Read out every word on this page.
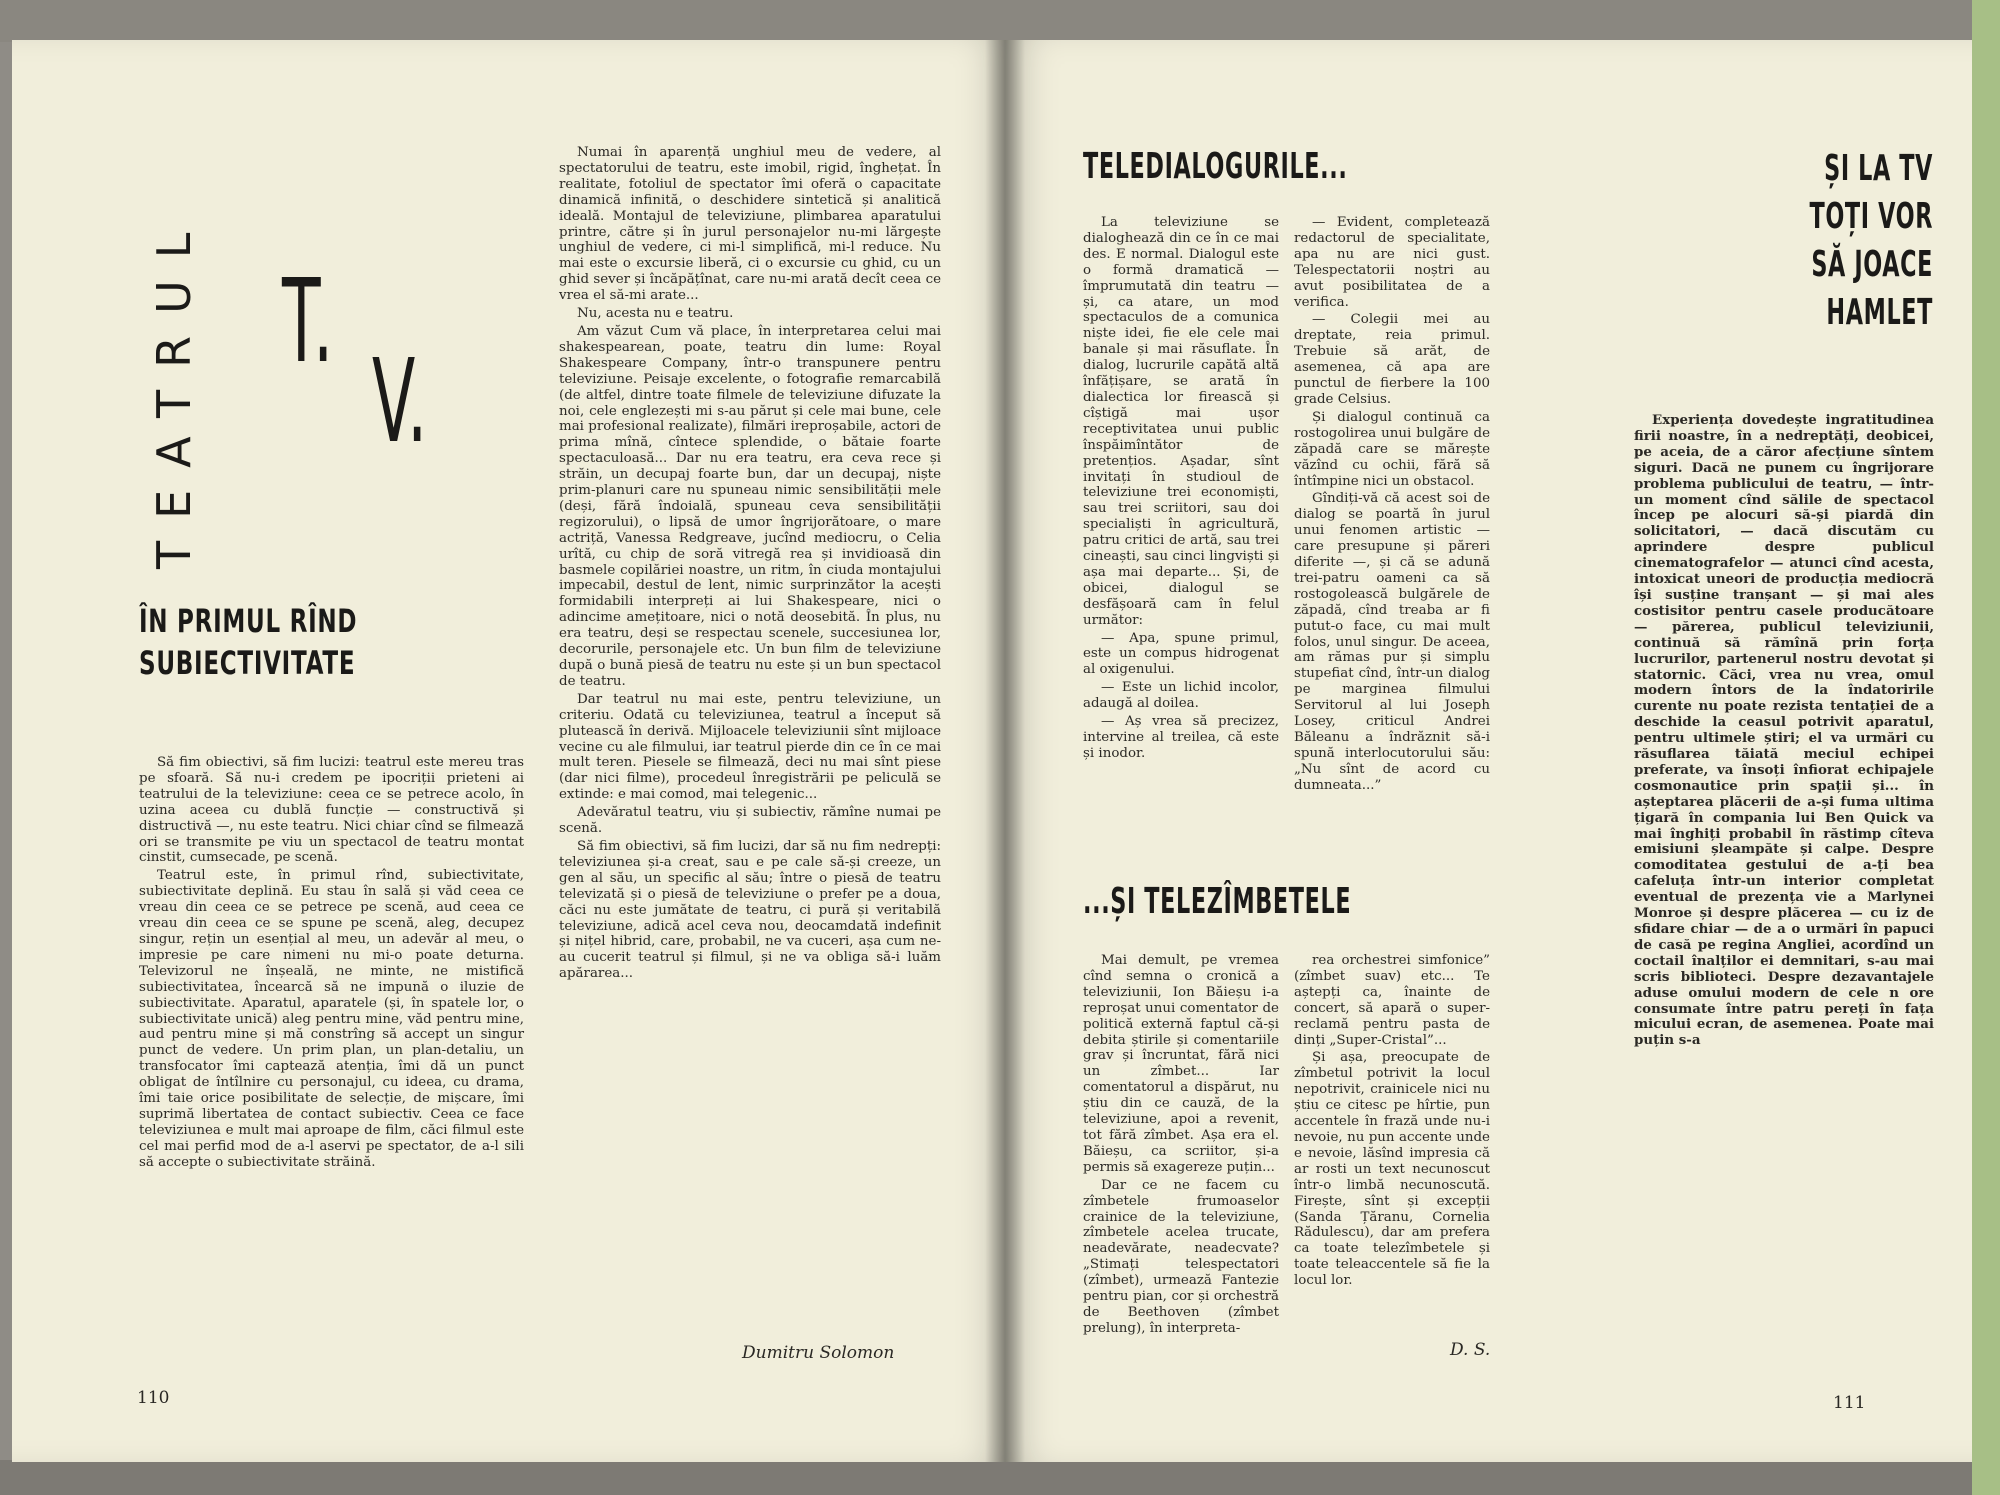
TEATRUL T.
V.
ÎN PRIMUL RÎND
SUBIECTIVITATE

Să fim obiectivi, să fim lucizi: teatrul este mereu tras pe sfoară. Să nu-i credem pe ipocriții prieteni ai teatrului de la televiziune: ceea ce se petrece acolo, în uzina aceea cu dublă funcție — constructivă și distructivă —, nu este teatru. Nici chiar cînd se filmează ori se transmite pe viu un spectacol de teatru montat cinstit, cumsecade, pe scenă.

Teatrul este, în primul rînd, subiectivitate, subiectivitate deplină. Eu stau în sală și văd ceea ce vreau din ceea ce se petrece pe scenă, aud ceea ce vreau din ceea ce se spune pe scenă, aleg, decupez singur, rețin un esențial al meu, un adevăr al meu, o impresie pe care nimeni nu mi-o poate deturna. Televizorul ne înșeală, ne minte, ne mistifică subiectivitatea, încearcă să ne impună o iluzie de subiectivitate. Aparatul, aparatele (și, în spatele lor, o subiectivitate unică) aleg pentru mine, văd pentru mine, aud pentru mine și mă constrîng să accept un singur punct de vedere. Un prim plan, un plan-detaliu, un transfocator îmi captează atenția, îmi dă un punct obligat de întîlnire cu personajul, cu ideea, cu drama, îmi taie orice posibilitate de selecție, de mișcare, îmi suprimă libertatea de contact subiectiv. Ceea ce face televiziunea e mult mai aproape de film, căci filmul este cel mai perfid mod de a-l aservi pe spectator, de a-l sili să accepte o subiectivitate străină.

Numai în aparență unghiul meu de vedere, al spectatorului de teatru, este imobil, rigid, înghețat. În realitate, fotoliul de spectator îmi oferă o capacitate dinamică infinită, o deschidere sintetică și analitică ideală. Montajul de televiziune, plimbarea aparatului printre, către și în jurul personajelor nu-mi lărgește unghiul de vedere, ci mi-l simplifică, mi-l reduce. Nu mai este o excursie liberă, ci o excursie cu ghid, cu un ghid sever și încăpățînat, care nu-mi arată decît ceea ce vrea el să-mi arate...

Nu, acesta nu e teatru.

Am văzut Cum vă place, în interpretarea celui mai shakespearean, poate, teatru din lume: Royal Shakespeare Company, într-o transpunere pentru televiziune. Peisaje excelente, o fotografie remarcabilă (de altfel, dintre toate filmele de televiziune difuzate la noi, cele englezești mi s-au părut și cele mai bune, cele mai profesional realizate), filmări ireproșabile, actori de prima mînă, cîntece splendide, o bătaie foarte spectaculoasă... Dar nu era teatru, era ceva rece și străin, un decupaj foarte bun, dar un decupaj, niște prim-planuri care nu spuneau nimic sensibilității mele (deși, fără îndoială, spuneau ceva sensibilității regizorului), o lipsă de umor îngrijorătoare, o mare actriță, Vanessa Redgreave, jucînd mediocru, o Celia urîtă, cu chip de soră vitregă rea și invidioasă din basmele copilăriei noastre, un ritm, în ciuda montajului impecabil, destul de lent, nimic surprinzător la acești formidabili interpreți ai lui Shakespeare, nici o adincime amețitoare, nici o notă deosebită. În plus, nu era teatru, deși se respectau scenele, succesiunea lor, decorurile, personajele etc. Un bun film de televiziune după o bună piesă de teatru nu este și un bun spectacol de teatru.

Dar teatrul nu mai este, pentru televiziune, un criteriu. Odată cu televiziunea, teatrul a început să plutească în derivă. Mijloacele televiziunii sînt mijloace vecine cu ale filmului, iar teatrul pierde din ce în ce mai mult teren. Piesele se filmează, deci nu mai sînt piese (dar nici filme), procedeul înregistrării pe peliculă se extinde: e mai comod, mai telegenic...

Adevăratul teatru, viu și subiectiv, rămîne numai pe scenă.

Să fim obiectivi, să fim lucizi, dar să nu fim nedrepți: televiziunea și-a creat, sau e pe cale să-și creeze, un gen al său, un specific al său; între o piesă de teatru televizată și o piesă de televiziune o prefer pe a doua, căci nu este jumătate de teatru, ci pură și veritabilă televiziune, adică acel ceva nou, deocamdată indefinit și nițel hibrid, care, probabil, ne va cuceri, așa cum ne-au cucerit teatrul și filmul, și ne va obliga să-i luăm apărarea...

Dumitru Solomon
110
TELEDIALOGURILE...

La televiziune se dialoghează din ce în ce mai des. E normal. Dialogul este o formă dramatică — împrumutată din teatru — și, ca atare, un mod spectaculos de a comunica niște idei, fie ele cele mai banale și mai răsuflate. În dialog, lucrurile capătă altă înfățișare, se arată în dialectica lor firească și cîștigă mai ușor receptivitatea unui public înspăimîntător de pretențios. Așadar, sînt invitați în studioul de televiziune trei economiști, sau trei scriitori, sau doi specialiști în agricultură, patru critici de artă, sau trei cineaști, sau cinci lingviști și așa mai departe... Și, de obicei, dialogul se desfășoară cam în felul următor:

— Apa, spune primul, este un compus hidrogenat al oxigenului.

— Este un lichid incolor, adaugă al doilea.

— Aș vrea să precizez, intervine al treilea, că este și inodor.

— Evident, completează redactorul de specialitate, apa nu are nici gust. Telespectatorii noștri au avut posibilitatea de a verifica.

— Colegii mei au dreptate, reia primul. Trebuie să arăt, de asemenea, că apa are punctul de fierbere la 100 grade Celsius.

Și dialogul continuă ca rostogolirea unui bulgăre de zăpadă care se mărește văzînd cu ochii, fără să întîmpine nici un obstacol.

Gîndiți-vă că acest soi de dialog se poartă în jurul unui fenomen artistic — care presupune și păreri diferite —, și că se adună trei-patru oameni ca să rostogolească bulgărele de zăpadă, cînd treaba ar fi putut-o face, cu mai mult folos, unul singur. De aceea, am rămas pur și simplu stupefiat cînd, într-un dialog pe marginea filmului Servitorul al lui Joseph Losey, criticul Andrei Băleanu a îndrăznit să-i spună interlocutorului său: „Nu sînt de acord cu dumneata...”

...ȘI TELEZÎMBETELE

Mai demult, pe vremea cînd semna o cronică a televiziunii, Ion Băieșu i-a reproșat unui comentator de politică externă faptul că-și debita știrile și comentariile grav și încruntat, fără nici un zîmbet... Iar comentatorul a dispărut, nu știu din ce cauză, de la televiziune, apoi a revenit, tot fără zîmbet. Așa era el. Băieșu, ca scriitor, și-a permis să exagereze puțin...

Dar ce ne facem cu zîmbetele frumoaselor crainice de la televiziune, zîmbetele acelea trucate, neadevărate, neadecvate? „Stimați telespectatori (zîmbet), urmează Fantezie pentru pian, cor și orchestră de Beethoven (zîmbet prelung), în interpreta-

rea orchestrei simfonice” (zîmbet suav) etc... Te aștepți ca, înainte de concert, să apară o super-reclamă pentru pasta de dinți „Super-Cristal”...

Și așa, preocupate de zîmbetul potrivit la locul nepotrivit, crainicele nici nu știu ce citesc pe hîrtie, pun accentele în frază unde nu-i nevoie, nu pun accente unde e nevoie, lăsînd impresia că ar rosti un text necunoscut într-o limbă necunoscută. Firește, sînt și excepții (Sanda Țăranu, Cornelia Rădulescu), dar am prefera ca toate telezîmbetele și toate teleaccentele să fie la locul lor.

D. S.
ȘI LA TV
TOȚI VOR
SĂ JOACE
HAMLET

Experiența dovedește ingratitudinea firii noastre, în a nedreptăți, deobicei, pe aceia, de a căror afecțiune sîntem siguri. Dacă ne punem cu îngrijorare problema publicului de teatru, — într-un moment cînd sălile de spectacol încep pe alocuri să-și piardă din solicitatori, — dacă discutăm cu aprindere despre publicul cinematografelor — atunci cînd acesta, intoxicat uneori de producția mediocră își susține tranșant — și mai ales costisitor pentru casele producătoare — părerea, publicul televiziunii, continuă să rămînă prin forța lucrurilor, partenerul nostru devotat și statornic. Căci, vrea nu vrea, omul modern întors de la îndatoririle curente nu poate rezista tentației de a deschide la ceasul potrivit aparatul, pentru ultimele știri; el va urmări cu răsuflarea tăiată meciul echipei preferate, va însoți înfiorat echipajele cosmonautice prin spații și... în așteptarea plăcerii de a-și fuma ultima țigară în compania lui Ben Quick va mai înghiți probabil în răstimp cîteva emisiuni șleampăte și calpe. Despre comoditatea gestului de a-ți bea cafeluța într-un interior completat eventual de prezența vie a Marlynei Monroe și despre plăcerea — cu iz de sfidare chiar — de a o urmări în papuci de casă pe regina Angliei, acordînd un coctail înalților ei demnitari, s-au mai scris biblioteci. Despre dezavantajele aduse omului modern de cele n ore consumate între patru pereți în fața micului ecran, de asemenea. Poate mai puțin s-a

111
